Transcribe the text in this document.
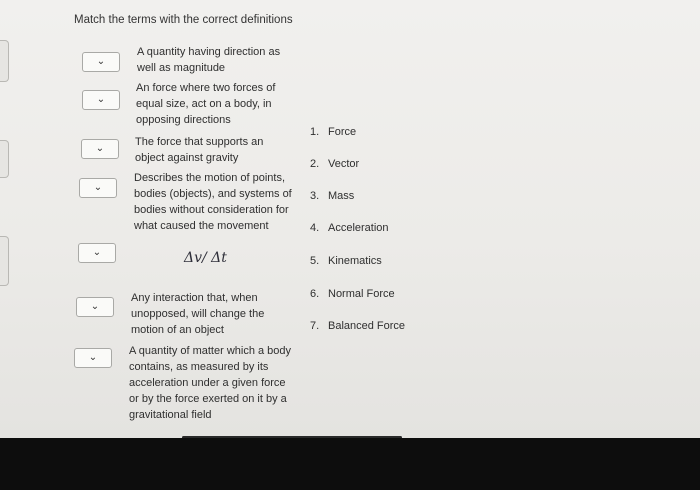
Match the terms with the correct definitions
⌄
⌄
⌄
⌄
⌄
⌄
⌄
A quantity having direction as well as magnitude
An force where two forces of equal size, act on a body, in opposing directions
The force that supports an object against gravity
Describes the motion of points, bodies (objects), and systems of bodies without consideration for what caused the movement
Δv/ Δt
Any interaction that, when unopposed, will change the motion of an object
A quantity of matter which a body contains, as measured by its acceleration under a given force or by the force exerted on it by a gravitational field
1. Force
2. Vector
3. Mass
4. Acceleration
5. Kinematics
6. Normal Force
7. Balanced Force
